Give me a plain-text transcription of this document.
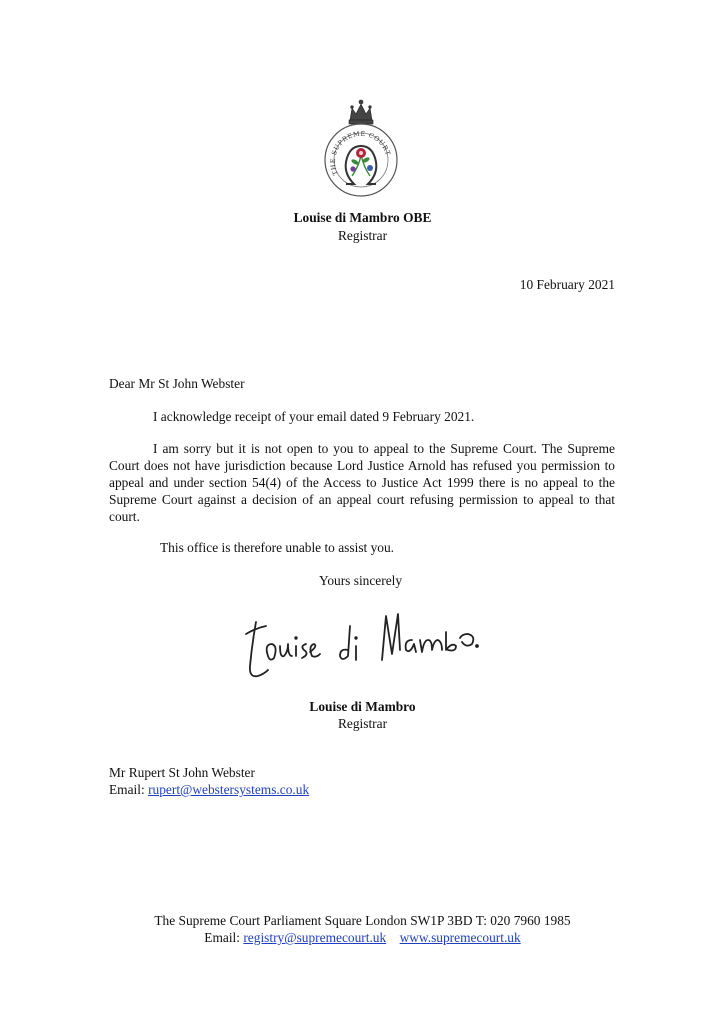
THE SUPREME COURT
Louise di Mambro OBE
Registrar
10 February 2021
Dear Mr St John Webster
I acknowledge receipt of your email dated 9 February 2021.
I am sorry but it is not open to you to appeal to the Supreme Court. The Supreme Court does not have jurisdiction because Lord Justice Arnold has refused you permission to appeal and under section 54(4) of the Access to Justice Act 1999 there is no appeal to the Supreme Court against a decision of an appeal court refusing permission to appeal to that court.
This office is therefore unable to assist you.
Yours sincerely
Louise di Mambro
Registrar
Mr Rupert St John Webster
Email: rupert@webstersystems.co.uk
The Supreme Court Parliament Square London SW1P 3BD T: 020 7960 1985
Email: registry@supremecourt.uk www.supremecourt.uk
